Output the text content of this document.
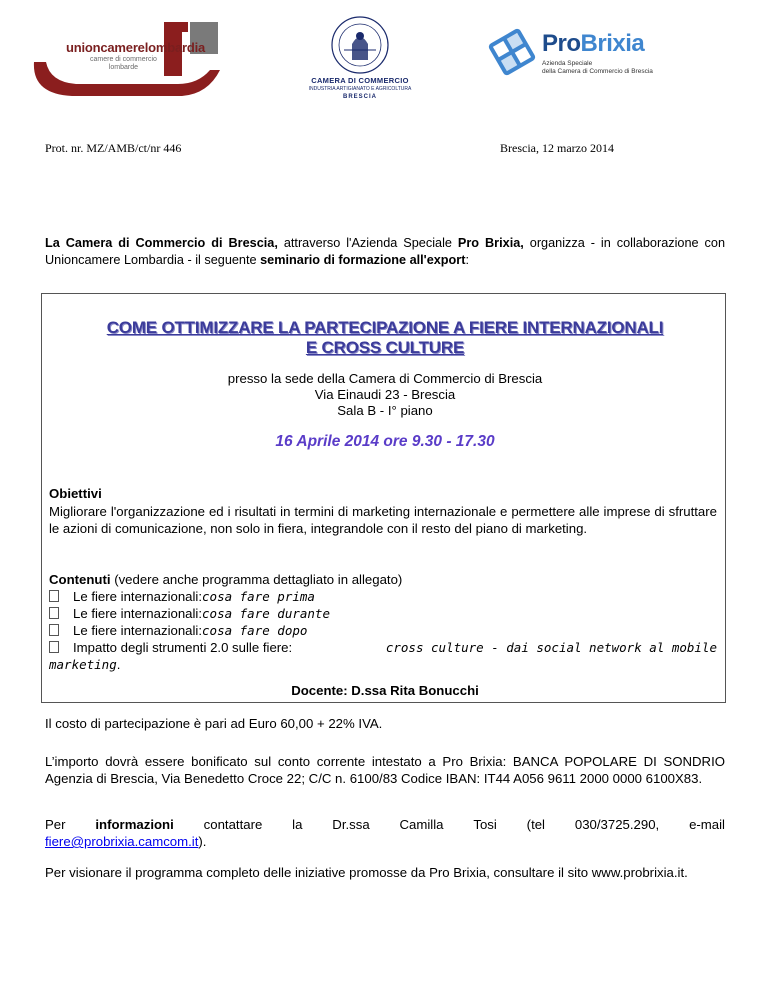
unioncamerelombardia
camere di commercio
lombarde
CAMERA DI COMMERCIO
INDUSTRIA ARTIGIANATO E AGRICOLTURA
BRESCIA
ProBrixia
Azienda Speciale
della Camera di Commercio di Brescia
Prot. nr. MZ/AMB/ct/nr 446	Brescia, 12 marzo 2014
La Camera di Commercio di Brescia, attraverso l'Azienda Speciale Pro Brixia, organizza - in collaborazione con Unioncamere Lombardia - il seguente seminario di formazione all'export:
COME OTTIMIZZARE LA PARTECIPAZIONE A FIERE INTERNAZIONALI
E CROSS CULTURE
presso la sede della Camera di Commercio di Brescia
Via Einaudi 23 - Brescia
Sala B - I° piano
16 Aprile 2014 ore 9.30 - 17.30
Obiettivi
Migliorare l'organizzazione ed i risultati in termini di marketing internazionale e permettere alle imprese di sfruttare le azioni di comunicazione, non solo in fiera, integrandole con il resto del piano di marketing.
Contenuti (vedere anche programma dettagliato in allegato)
Le fiere internazionali: cosa fare prima
Le fiere internazionali: cosa fare durante
Le fiere internazionali: cosa fare dopo
Impatto degli strumenti 2.0 sulle fiere:	cross culture - dai social network al mobile
marketing.
Docente: D.ssa Rita Bonucchi
Il costo di partecipazione è pari ad Euro 60,00 + 22% IVA.
L’importo dovrà essere bonificato sul conto corrente intestato a Pro Brixia: BANCA POPOLARE DI SONDRIO Agenzia di Brescia, Via Benedetto Croce 22; C/C n. 6100/83 Codice IBAN: IT44 A056 9611 2000 0000 6100X83.
Per informazioni contattare la Dr.ssa Camilla Tosi (tel 030/3725.290, e-mail
fiere@probrixia.camcom.it).
Per visionare il programma completo delle iniziative promosse da Pro Brixia, consultare il sito www.probrixia.it.
